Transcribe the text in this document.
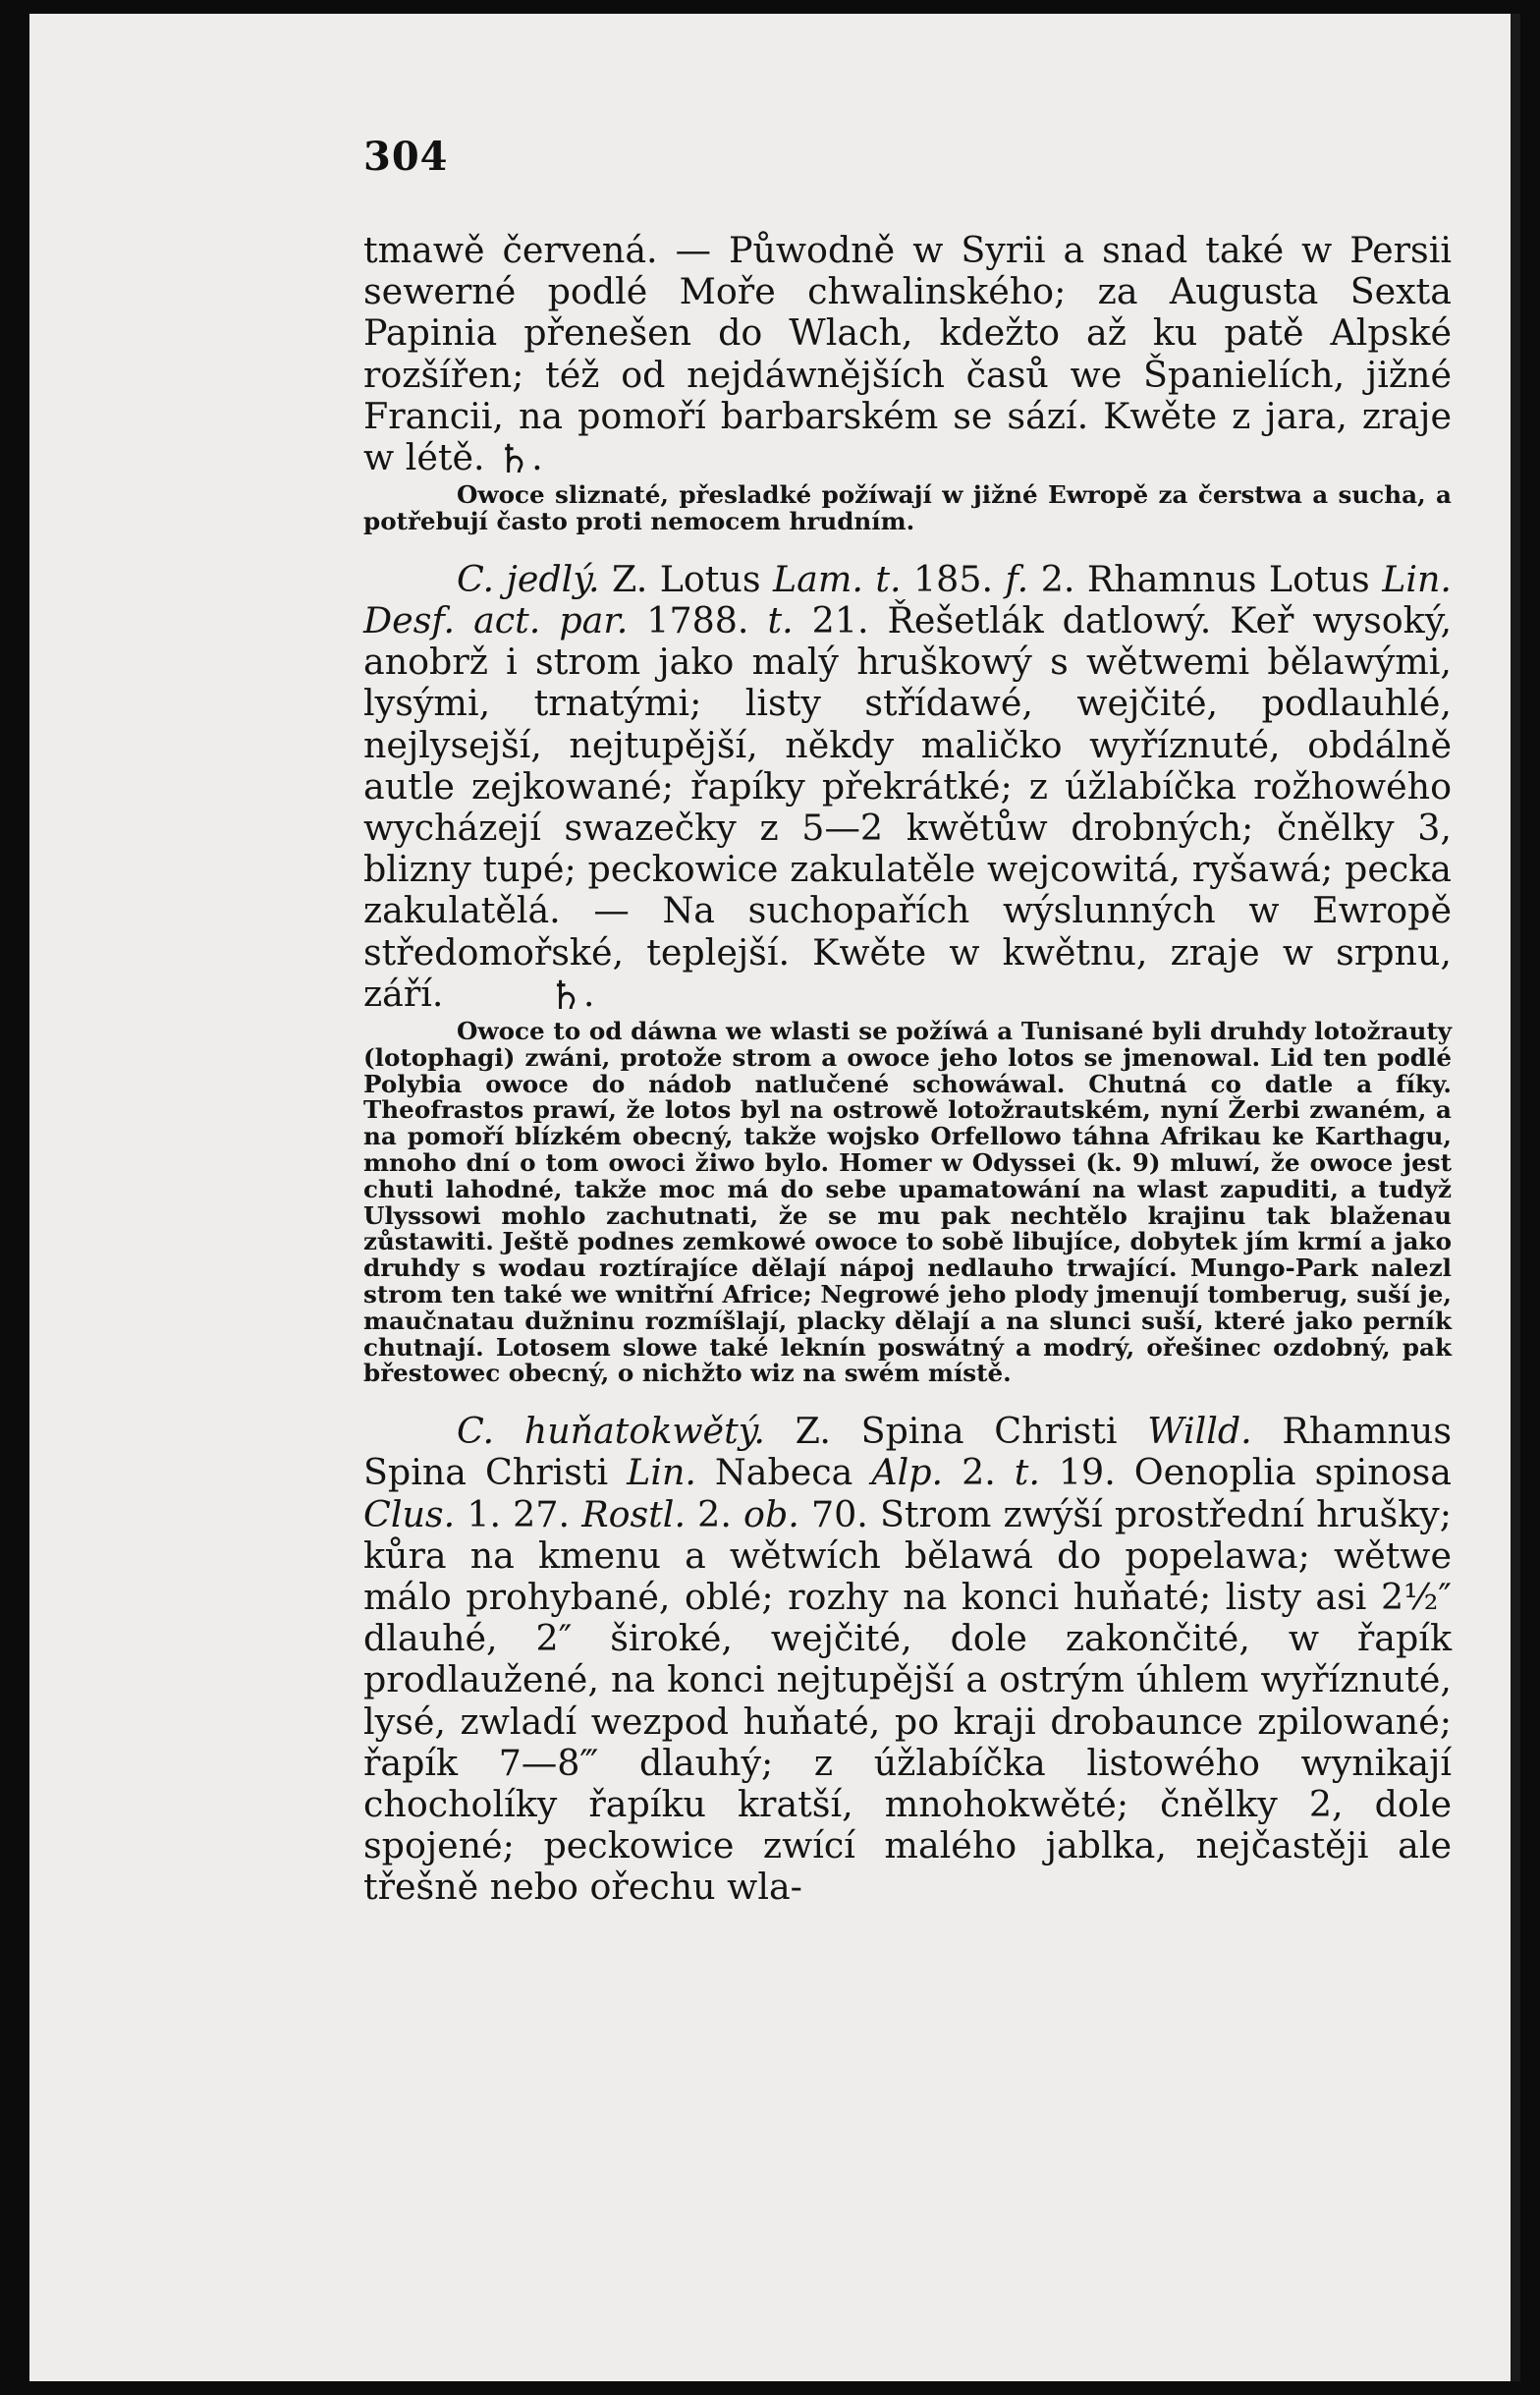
304

tmawě červená. — Půwodně w Syrii a snad také w Persii sewerné podlé Moře chwalinského; za Augusta Sexta Papinia přenešen do Wlach, kdežto až ku patě Alpské rozšířen; též od nejdáwnějších časů we Španielích, jižné Francii, na pomoří barbarském se sází. Kwěte z jara, zraje w létě. ♄.

Owoce sliznaté, přesladké požíwají w jižné Ewropě za čerstwa a sucha, a potřebují často proti nemocem hrudním.

C. jedlý. Z. Lotus Lam. t. 185. f. 2. Rhamnus Lotus Lin. Desf. act. par. 1788. t. 21. Řešetlák datlowý. Keř wysoký, anobrž i strom jako malý hruškowý s wětwemi bělawými, lysými, trnatými; listy střídawé, wejčité, podlauhlé, nejlysejší, nejtupější, někdy maličko wyříznuté, obdálně autle zejkowané; řapíky překrátké; z úžlabíčka rožhowého wycházejí swazečky z 5—2 kwětůw drobných; čnělky 3, blizny tupé; peckowice zakulatěle wejcowitá, ryšawá; pecka zakulatělá. — Na suchopařích wýslunných w Ewropě středomořské, teplejší. Kwěte w kwětnu, zraje w srpnu, září.	♄.

Owoce to od dáwna we wlasti se požíwá a Tunisané byli druhdy lotožrauty (lotophagi) zwáni, protože strom a owoce jeho lotos se jmenowal. Lid ten podlé Polybia owoce do nádob natlučené schowáwal. Chutná co datle a fíky. Theofrastos prawí, že lotos byl na ostrowě lotožrautském, nyní Žerbi zwaném, a na pomoří blízkém obecný, takže wojsko Orfellowo táhna Afrikau ke Karthagu, mnoho dní o tom owoci žiwo bylo. Homer w Odyssei (k. 9) mluwí, že owoce jest chuti lahodné, takže moc má do sebe upamatowání na wlast zapuditi, a tudyž Ulyssowi mohlo zachutnati, že se mu pak nechtělo krajinu tak blaženau zůstawiti. Ještě podnes zemkowé owoce to sobě libujíce, dobytek jím krmí a jako druhdy s wodau roztírajíce dělají nápoj nedlauho trwající. Mungo-Park nalezl strom ten také we wnitřní Africe; Negrowé jeho plody jmenují tomberug, suší je, maučnatau dužninu rozmíšlají, placky dělají a na slunci suší, které jako perník chutnají. Lotosem slowe také leknín poswátný a modrý, ořešinec ozdobný, pak břestowec obecný, o nichžto wiz na swém místě.

C. huňatokwětý. Z. Spina Christi Willd. Rhamnus Spina Christi Lin. Nabeca Alp. 2. t. 19. Oenoplia spinosa Clus. 1. 27. Rostl. 2. ob. 70. Strom zwýší prostřední hrušky; kůra na kmenu a wětwích bělawá do popelawa; wětwe málo prohybané, oblé; rozhy na konci huňaté; listy asi 2½″ dlauhé, 2″ široké, wejčité, dole zakončité, w řapík prodlaužené, na konci nejtupější a ostrým úhlem wyříznuté, lysé, zwladí wezpod huňaté, po kraji drobaunce zpilowané; řapík 7—8‴ dlauhý; z úžlabíčka listowého wynikají chocholíky řapíku kratší, mnohokwěté; čnělky 2, dole spojené; peckowice zwící malého jablka, nejčastěji ale třešně nebo ořechu wla-
